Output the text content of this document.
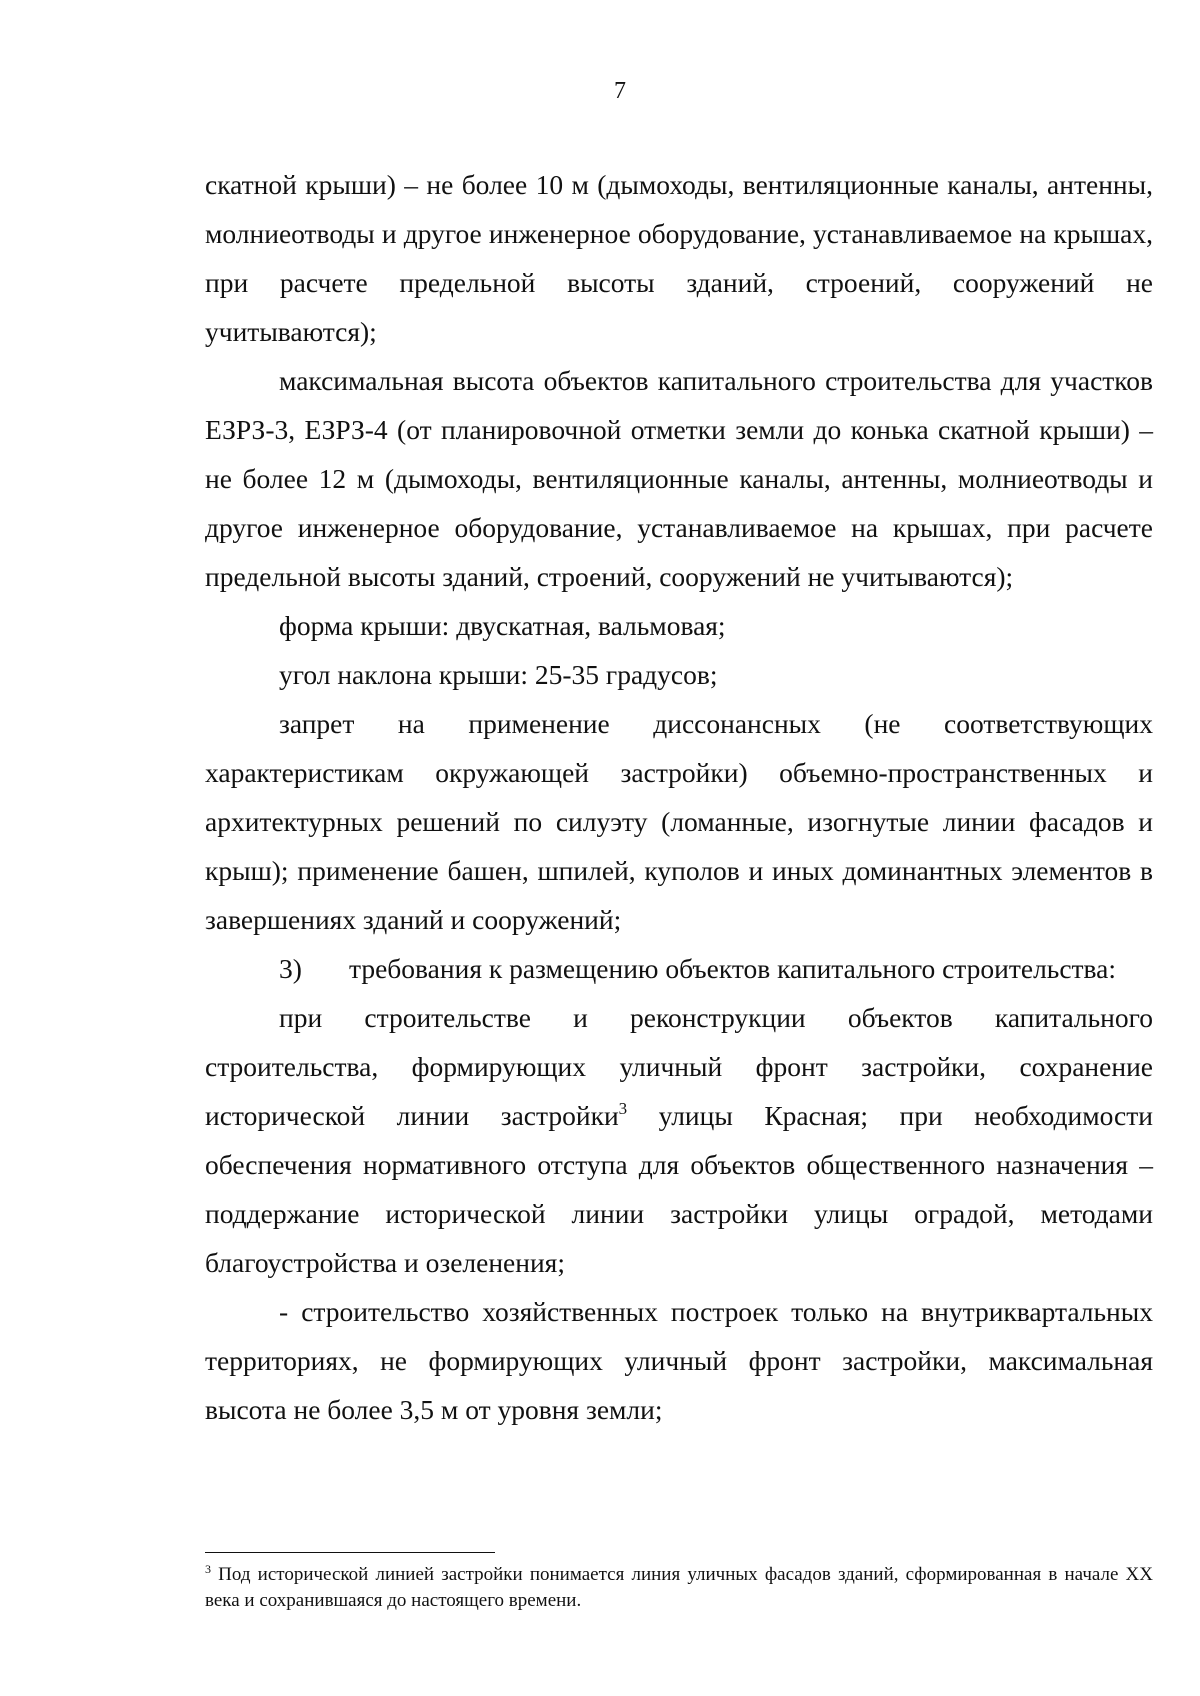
7

скатной крыши) – не более 10 м (дымоходы, вентиляционные каналы, антенны, молниеотводы и другое инженерное оборудование, устанавливаемое на крышах, при расчете предельной высоты зданий, строений, сооружений не учитываются);

максимальная высота объектов капитального строительства для участков ЕЗРЗ-3, ЕЗРЗ-4 (от планировочной отметки земли до конька скатной крыши) – не более 12 м (дымоходы, вентиляционные каналы, антенны, молниеотводы и другое инженерное оборудование, устанавливаемое на крышах, при расчете предельной высоты зданий, строений, сооружений не учитываются);

форма крыши: двускатная, вальмовая;

угол наклона крыши: 25-35 градусов;

запрет на применение диссонансных (не соответствующих характеристикам окружающей застройки) объемно-пространственных и архитектурных решений по силуэту (ломанные, изогнутые линии фасадов и крыш); применение башен, шпилей, куполов и иных доминантных элементов в завершениях зданий и сооружений;

3)	требования к размещению объектов капитального строительства:

при строительстве и реконструкции объектов капитального строительства, формирующих уличный фронт застройки, сохранение исторической линии застройки$^3$ улицы Красная; при необходимости обеспечения нормативного отступа для объектов общественного назначения – поддержание исторической линии застройки улицы оградой, методами благоустройства и озеленения;

- строительство хозяйственных построек только на внутриквартальных территориях, не формирующих уличный фронт застройки, максимальная высота не более 3,5 м от уровня земли;

$^3$ Под исторической линией застройки понимается линия уличных фасадов зданий, сформированная в начале XX века и сохранившаяся до настоящего времени.
